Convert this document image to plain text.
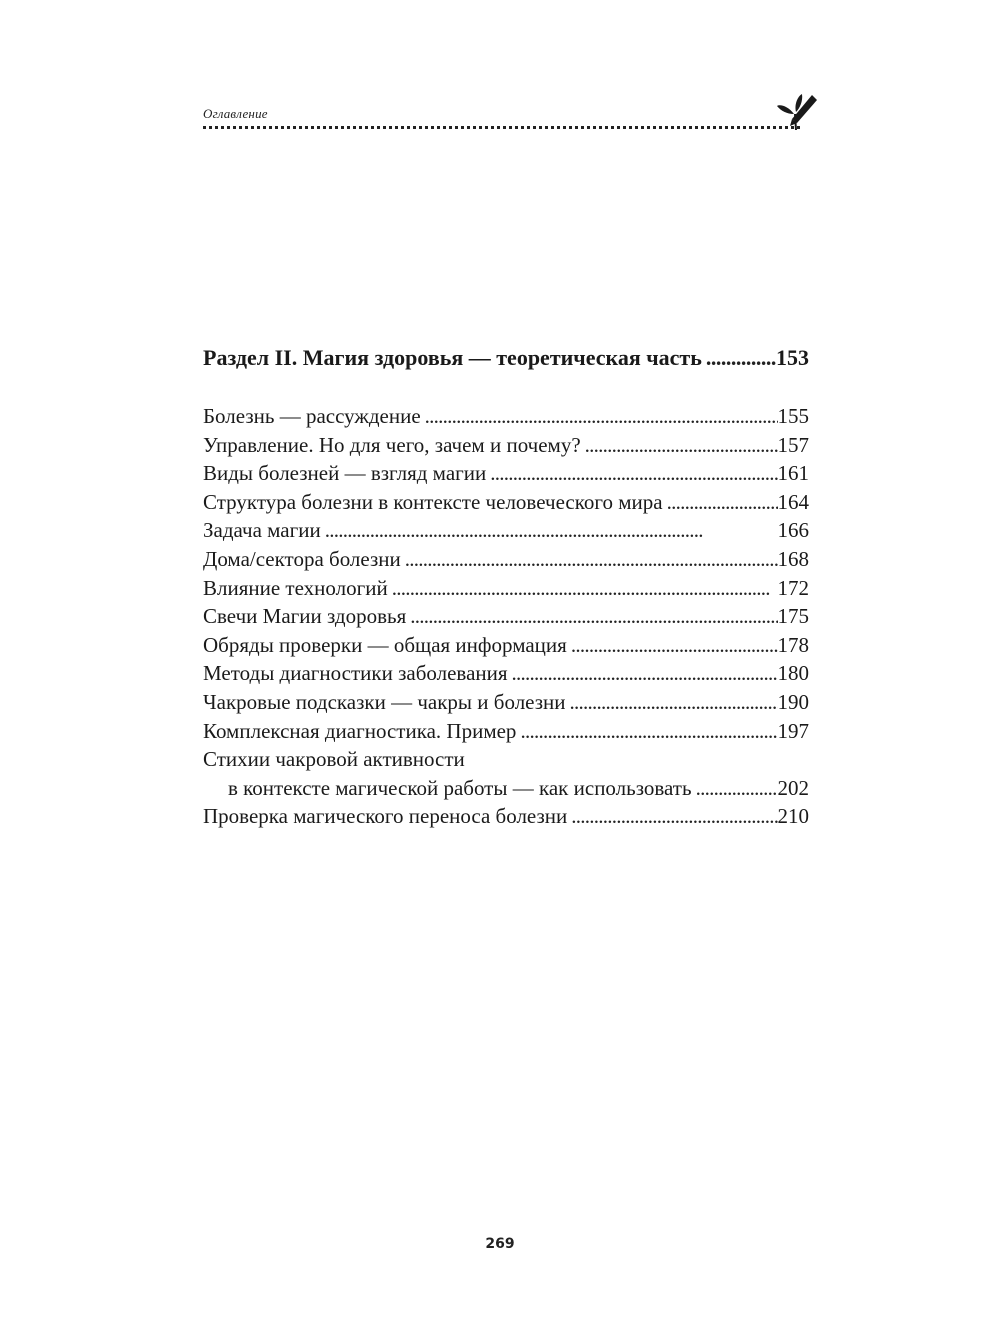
Оглавление
Раздел II. Магия здоровья — теоретическая часть . . .	153
Болезнь — рассуждение . . .	155
Управление. Но для чего, зачем и почему? . . .	157
Виды болезней — взгляд магии . . .	161
Структура болезни в контексте человеческого мира . . .	164
Задача магии . . .	166
Дома/сектора болезни . . .	168
Влияние технологий . . .	172
Свечи Магии здоровья . . .	175
Обряды проверки — общая информация . . .	178
Методы диагностики заболевания . . .	180
Чакровые подсказки — чакры и болезни . . .	190
Комплексная диагностика. Пример . . .	197
Стихии чакровой активности
в контексте магической работы — как использовать . . .	202
Проверка магического переноса болезни . . .	210
269
